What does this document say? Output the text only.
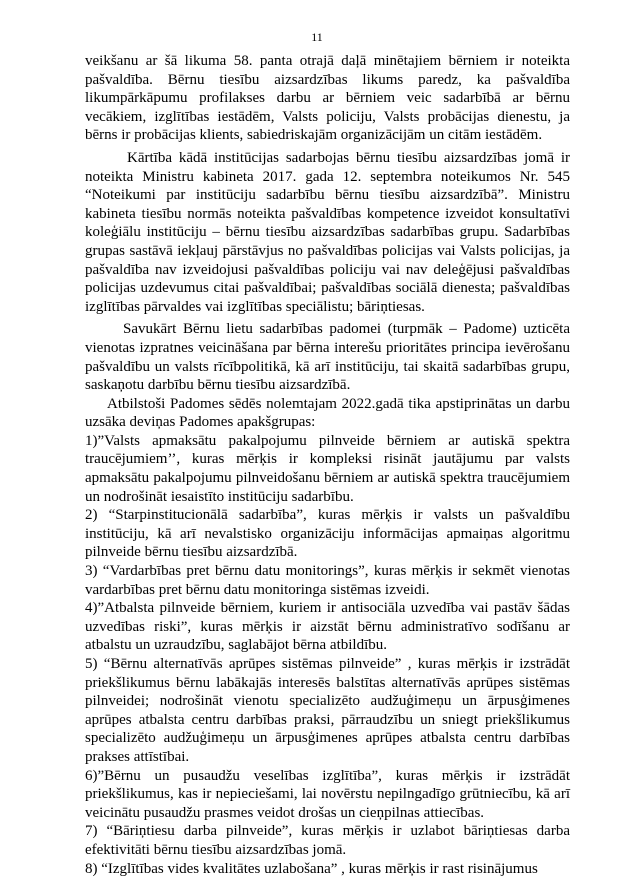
11

veikšanu ar šā likuma 58. panta otrajā daļā minētajiem bērniem ir noteikta pašvaldība. Bērnu tiesību aizsardzības likums paredz, ka pašvaldība likumpārkāpumu profilakses darbu ar bērniem veic sadarbībā ar bērnu vecākiem, izglītības iestādēm, Valsts policiju, Valsts probācijas dienestu, ja bērns ir probācijas klients, sabiedriskajām organizācijām un citām iestādēm.

Kārtība kādā institūcijas sadarbojas bērnu tiesību aizsardzības jomā ir noteikta Ministru kabineta 2017. gada 12. septembra noteikumos Nr. 545 “Noteikumi par institūciju sadarbību bērnu tiesību aizsardzībā”. Ministru kabineta tiesību normās noteikta pašvaldības kompetence izveidot konsultatīvi koleģiālu institūciju – bērnu tiesību aizsardzības sadarbības grupu. Sadarbības grupas sastāvā iekļauj pārstāvjus no pašvaldības policijas vai Valsts policijas, ja pašvaldība nav izveidojusi pašvaldības policiju vai nav deleģējusi pašvaldības policijas uzdevumus citai pašvaldībai; pašvaldības sociālā dienesta; pašvaldības izglītības pārvaldes vai izglītības speciālistu; bāriņtiesas.

Savukārt Bērnu lietu sadarbības padomei (turpmāk – Padome) uzticēta vienotas izpratnes veicināšana par bērna interešu prioritātes principa ievērošanu pašvaldību un valsts rīcībpolitikā, kā arī institūciju, tai skaitā sadarbības grupu, saskaņotu darbību bērnu tiesību aizsardzībā.

Atbilstoši Padomes sēdēs nolemtajam 2022.gadā tika apstiprinātas un darbu uzsāka deviņas Padomes apakšgrupas:

1)”Valsts apmaksātu pakalpojumu pilnveide bērniem ar autiskā spektra traucējumiem’’, kuras mērķis ir kompleksi risināt jautājumu par valsts apmaksātu pakalpojumu pilnveidošanu bērniem ar autiskā spektra traucējumiem un nodrošināt iesaistīto institūciju sadarbību.

2) “Starpinstitucionālā sadarbība”, kuras mērķis ir valsts un pašvaldību institūciju, kā arī nevalstisko organizāciju informācijas apmaiņas algoritmu pilnveide bērnu tiesību aizsardzībā.

3) “Vardarbības pret bērnu datu monitorings”, kuras mērķis ir sekmēt vienotas vardarbības pret bērnu datu monitoringa sistēmas izveidi.

4)”Atbalsta pilnveide bērniem, kuriem ir antisociāla uzvedība vai pastāv šādas uzvedības riski”, kuras mērķis ir aizstāt bērnu administratīvo sodīšanu ar atbalstu un uzraudzību, saglabājot bērna atbildību.

5) “Bērnu alternatīvās aprūpes sistēmas pilnveide” , kuras mērķis ir izstrādāt priekšlikumus bērnu labākajās interesēs balstītas alternatīvās aprūpes sistēmas pilnveidei; nodrošināt vienotu specializēto audžuģimeņu un ārpusģimenes aprūpes atbalsta centru darbības praksi, pārraudzību un sniegt priekšlikumus specializēto audžuģimeņu un ārpusģimenes aprūpes atbalsta centru darbības prakses attīstībai.

6)”Bērnu un pusaudžu veselības izglītība”, kuras mērķis ir izstrādāt priekšlikumus, kas ir nepieciešami, lai novērstu nepilngadīgo grūtniecību, kā arī veicinātu pusaudžu prasmes veidot drošas un cieņpilnas attiecības.

7) “Bāriņtiesu darba pilnveide”, kuras mērķis ir uzlabot bāriņtiesas darba efektivitāti bērnu tiesību aizsardzības jomā.

8) “Izglītības vides kvalitātes uzlabošana” , kuras mērķis ir rast risinājumus
